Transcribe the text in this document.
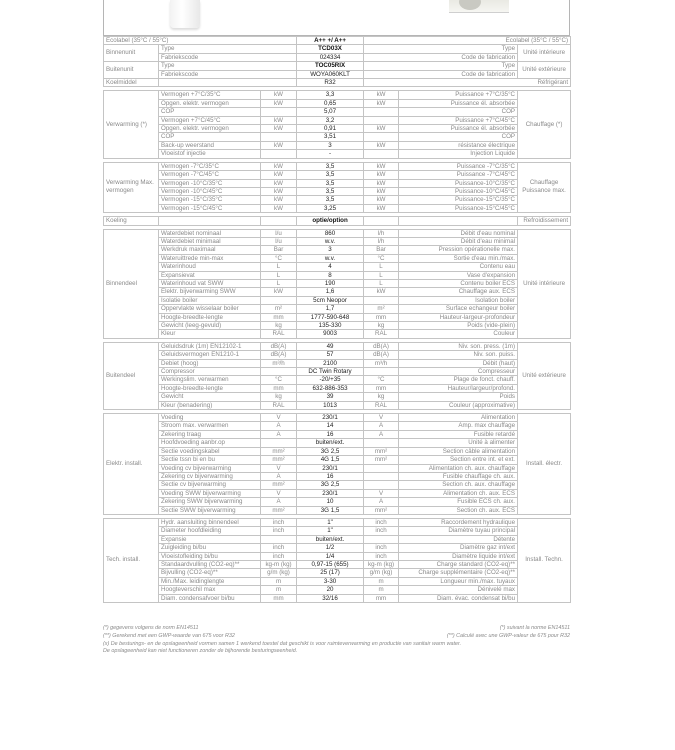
Ecolabel (35°C / 55°C)			A++ +/ A++	Ecolabel (35°C / 55°C)		
Binnenunit	Type		TCD03X	Type		Unité intérieure
	Fabriekscode		024334	Code de fabrication		
Buitenunit	Type		TOC05RIX	Type		Unité extérieure
	Fabriekscode		WOYA060KLT	Code de fabrication		
Koelmiddel			R32	Réfrigérant		

Verwarming (*)	Vermogen +7°C/35°C	kW	3,3	kW	Puissance +7°C/35°C	Chauffage (*)
	Opgen. elektr. vermogen	kW	0,65	kW	Puissance él. absorbée	
	COP		5,07		COP	
	Vermogen +7°C/45°C	kW	3,2		Puissance +7°C/45°C	
	Opgen. elektr. vermogen	kW	0,91	kW	Puissance él. absorbée	
	COP		3,51		COP	
	Back-up weerstand	kW	3	kW	résistance électrique	
	Vloeistof injectie		-		Injection Liquide	

Verwarming Max. vermogen	Vermogen -7°C/35°C	kW	3,5	kW	Puissance -7°C/35°C	Chauffage Puissance max.
	Vermogen -7°C/45°C	kW	3,5	kW	Puissance -7°C/45°C	
	Vermogen -10°C/35°C	kW	3,5	kW	Puissance-10°C/35°C	
	Vermogen -10°C/45°C	kW	3,5	kW	Puissance-10°C/45°C	
	Vermogen -15°C/35°C	kW	3,5	kW	Puissance-15°C/35°C	
	Vermogen -15°C/45°C	kW	3,25	kW	Puissance-15°C/45°C	

Koeling			optie/option			Refroidissement

Binnendeel	Waterdebiet nominaal	l/u	860	l/h	Débit d'eau nominal	Unité intérieure
	Waterdebiet minimaal	l/u	w.v.	l/h	Débit d'eau minimal	
	Werkdruk maximaal	Bar	3	Bar	Pression opérationelle max.	
	Wateruittrede min-max	°C	w.v.	°C	Sortie d'eau min./max.	
	Waterinhoud	L	4	L	Contenu eau	
	Expansievat	L	8	L	Vase d'expansion	
	Waterinhoud vat SWW	L	190	L	Contenu boiler ECS	
	Elektr. bijverwarming SWW	kW	1,6	kW	Chauffage aux. ECS	
	Isolatie boiler		5cm Neopor		Isolation boiler	
	Oppervlakte wisselaar boiler	m²	1,7	m²	Surface echangeur boiler	
	Hoogte-breedte-lengte	mm	1777-590-648	mm	Hauteur-largeur-profondeur	
	Gewicht (leeg-gevuld)	kg	135-330	kg	Poids (vide-plein)	
	Kleur	RAL	9003	RAL	Couleur	

Buitendeel	Geluidsdruk (1m) EN12102-1	dB(A)	49	dB(A)	Niv. son. press. (1m)	Unité extérieure
	Geluidsvermogen EN1210-1	dB(A)	57	dB(A)	Niv. son. puiss.	
	Debiet (hoog)	m³/h	2100	m³/h	Débit (haut)	
	Compressor		DC Twin Rotary		Compresseur	
	Werkingslim. verwarmen	°C	-20/+35	°C	Plage de fonct. chauff.	
	Hoogte-breedte-lengte	mm	632-886-353	mm	Hauteur/largeur/profond.	
	Gewicht	kg	39	kg	Poids	
	Kleur (benadering)	RAL	1013	RAL	Couleur (approximative)	

Elektr. install.	Voeding	V	230/1	V	Alimentation	Install. électr.
	Stroom max. verwarmen	A	14	A	Amp. max chauffage	
	Zekering traag	A	16	A	Fusible retardé	
	Hoofdvoeding aanbr.op		buiten/ext.		Unité à alimenter	
	Sectie voedingskabel	mm²	3G 2,5	mm²	Section câble alimentation	
	Sectie tssn bi en bu	mm²	4G 1,5	mm²	Section entre int. et ext.	
	Voeding cv bijverwarming	V	230/1		Alimentation ch. aux. chauffage	
	Zekering cv bijverwarming	A	16		Fusible chauffage ch. aux.	
	Sectie cv bijverwarming	mm²	3G 2,5		Section ch. aux. chauffage	
	Voeding SWW bijverwarming	V	230/1	V	Alimentation ch. aux. ECS	
	Zekering SWW bijverwarming	A	10	A	Fusible ECS ch. aux.	
	Sectie SWW bijverwarming	mm²	3G 1,5	mm²	Section ch. aux. ECS	

Tech. install.	Hydr. aansluiting binnendeel	inch	1"	inch	Raccordement hydraulique	Install. Techn.
	Diameter hoofdleiding	inch	1"	inch	Diamètre tuyau principal	
	Expansie		buiten/ext.		Détente	
	Zuigleiding bi/bu	inch	1/2	inch	Diamètre gaz int/ext	
	Vloeistofleiding bi/bu	inch	1/4	inch	Diamètre liquide int/ext	
	Standaardvulling (CO2-eq)**	kg-m (kg)	0,97-15 (655)	kg-m (kg)	Charge standard (CO2-eq)**	
	Bijvulling (CO2-eq)**	g/m (kg)	25 (17)	g/m (kg)	Charge supplémentaire (CO2-eq)**	
	Min./Max. leidinglengte	m	3-30	m	Longueur min./max. tuyaux	
	Hoogteverschil max	m	20	m	Dénivelé max	
	Diam. condensafvoer bi/bu	mm	32/16	mm	Diam. évac. condensat bi/bu	
(*) gegevens volgens de norm EN14511	(*) suivant la norme EN14511
(**) Gerekend met een GWP-waarde van 675 voor R32	(**) Calculé avec une GWP-valeur de 675 pour R32
(x) De besturings- en de opslageenheid vormen samen 1 werkend toestel dat geschikt is voor ruimteverwarming en productie van sanitair warm water.
De opslageenheid kan niet functioneren zonder de bijhorende besturingseenheid.
